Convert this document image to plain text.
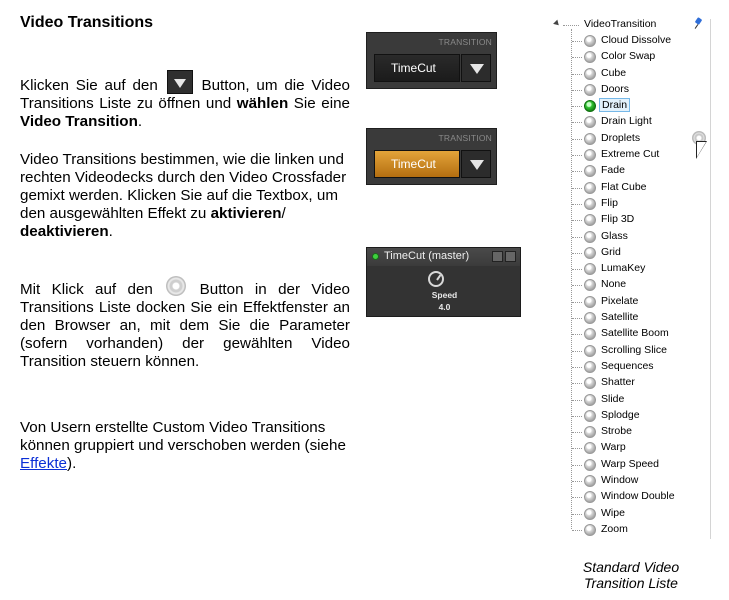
Video Transitions
Klicken Sie auf den	Button, um die Video Transitions Liste zu öffnen und wählen Sie eine Video Transition.
Video Transitions bestimmen, wie die linken und rechten Videodecks durch den Video Crossfader gemixt werden. Klicken Sie auf die Textbox, um den ausgewählten Effekt zu aktivieren/ deaktivieren.
Mit Klick auf den	Button in der Video Transitions Liste docken Sie ein Effektfenster an den Browser an, mit dem Sie die Parameter (sofern vorhanden) der gewählten Video Transition steuern können.
Von Usern erstellte Custom Video Transitions können gruppiert und verschoben werden (siehe Effekte).
TRANSITION
TimeCut
TRANSITION
TimeCut
TimeCut (master)
Speed
4.0
VideoTransition
Cloud Dissolve
Color Swap
Cube
Doors
Drain
Drain Light
Droplets
Extreme Cut
Fade
Flat Cube
Flip
Flip 3D
Glass
Grid
LumaKey
None
Pixelate
Satellite
Satellite Boom
Scrolling Slice
Sequences
Shatter
Slide
Splodge
Strobe
Warp
Warp Speed
Window
Window Double
Wipe
Zoom
Standard Video
Transition Liste
